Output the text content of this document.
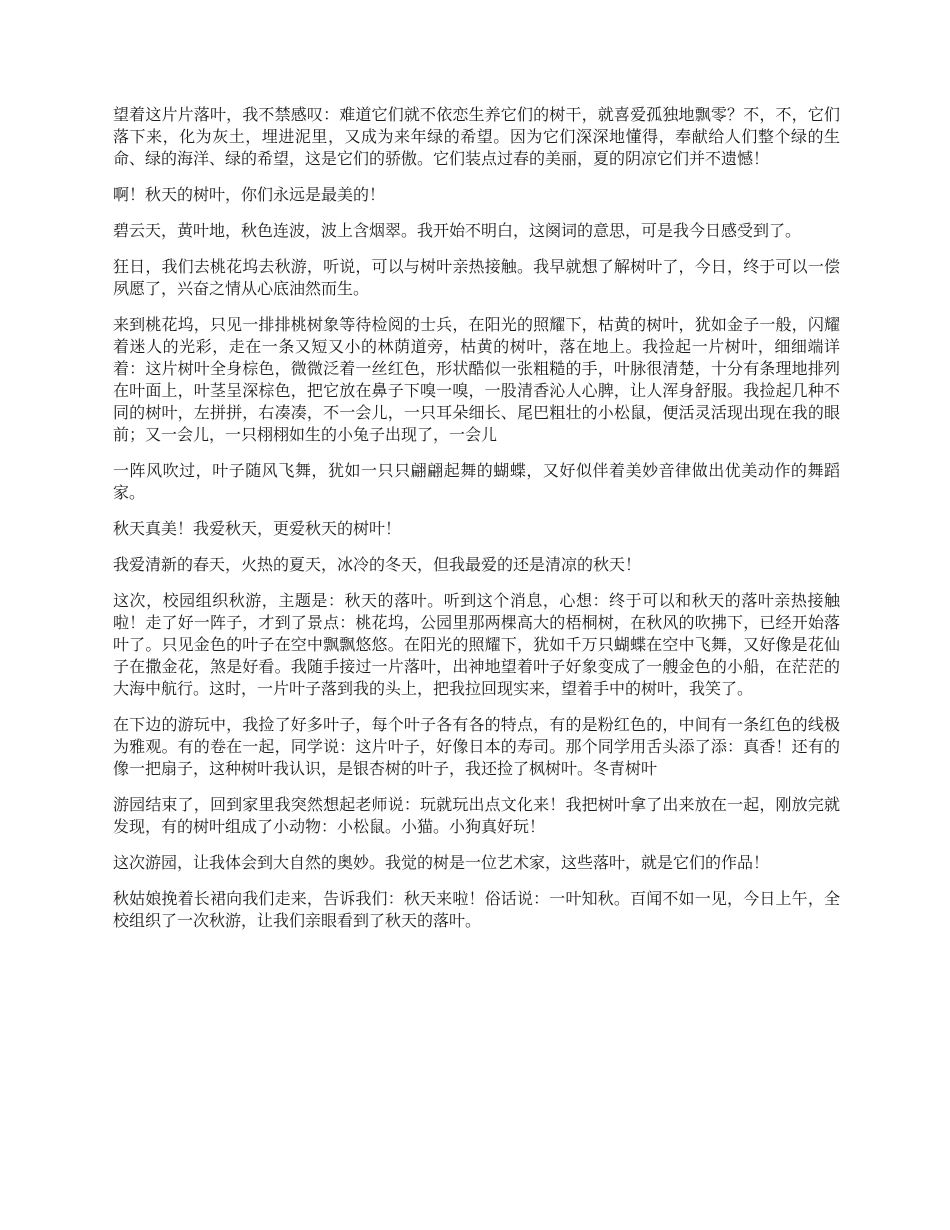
望着这片片落叶，我不禁感叹：难道它们就不依恋生养它们的树干，就喜爱孤独地飘零？不，不，它们落下来，化为灰土，埋进泥里，又成为来年绿的希望。因为它们深深地懂得，奉献给人们整个绿的生命、绿的海洋、绿的希望，这是它们的骄傲。它们装点过春的美丽，夏的阴凉它们并不遗憾！

啊！秋天的树叶，你们永远是最美的！

碧云天，黄叶地，秋色连波，波上含烟翠。我开始不明白，这阕词的意思，可是我今日感受到了。

狂日，我们去桃花坞去秋游，听说，可以与树叶亲热接触。我早就想了解树叶了，今日，终于可以一偿夙愿了，兴奋之情从心底油然而生。

来到桃花坞，只见一排排桃树象等待检阅的士兵，在阳光的照耀下，枯黄的树叶，犹如金子一般，闪耀着迷人的光彩，走在一条又短又小的林荫道旁，枯黄的树叶，落在地上。我捡起一片树叶，细细端详着：这片树叶全身棕色，微微泛着一丝红色，形状酷似一张粗糙的手，叶脉很清楚，十分有条理地排列在叶面上，叶茎呈深棕色，把它放在鼻子下嗅一嗅，一股清香沁人心脾，让人浑身舒服。我捡起几种不同的树叶，左拼拼，右凑凑，不一会儿，一只耳朵细长、尾巴粗壮的小松鼠，便活灵活现出现在我的眼前；又一会儿，一只栩栩如生的小兔子出现了，一会儿

一阵风吹过，叶子随风飞舞，犹如一只只翩翩起舞的蝴蝶，又好似伴着美妙音律做出优美动作的舞蹈家。

秋天真美！我爱秋天，更爱秋天的树叶！

我爱清新的春天，火热的夏天，冰冷的冬天，但我最爱的还是清凉的秋天！

这次，校园组织秋游，主题是：秋天的落叶。听到这个消息，心想：终于可以和秋天的落叶亲热接触啦！走了好一阵子，才到了景点：桃花坞，公园里那两棵高大的梧桐树，在秋风的吹拂下，已经开始落叶了。只见金色的叶子在空中飘飘悠悠。在阳光的照耀下，犹如千万只蝴蝶在空中飞舞，又好像是花仙子在撒金花，煞是好看。我随手接过一片落叶，出神地望着叶子好象变成了一艘金色的小船，在茫茫的大海中航行。这时，一片叶子落到我的头上，把我拉回现实来，望着手中的树叶，我笑了。

在下边的游玩中，我捡了好多叶子，每个叶子各有各的特点，有的是粉红色的，中间有一条红色的线极为雅观。有的卷在一起，同学说：这片叶子，好像日本的寿司。那个同学用舌头添了添：真香！还有的像一把扇子，这种树叶我认识，是银杏树的叶子，我还捡了枫树叶。冬青树叶

游园结束了，回到家里我突然想起老师说：玩就玩出点文化来！我把树叶拿了出来放在一起，刚放完就发现，有的树叶组成了小动物：小松鼠。小猫。小狗真好玩！

这次游园，让我体会到大自然的奥妙。我觉的树是一位艺术家，这些落叶，就是它们的作品！

秋姑娘挽着长裙向我们走来，告诉我们：秋天来啦！俗话说：一叶知秋。百闻不如一见，今日上午，全校组织了一次秋游，让我们亲眼看到了秋天的落叶。
